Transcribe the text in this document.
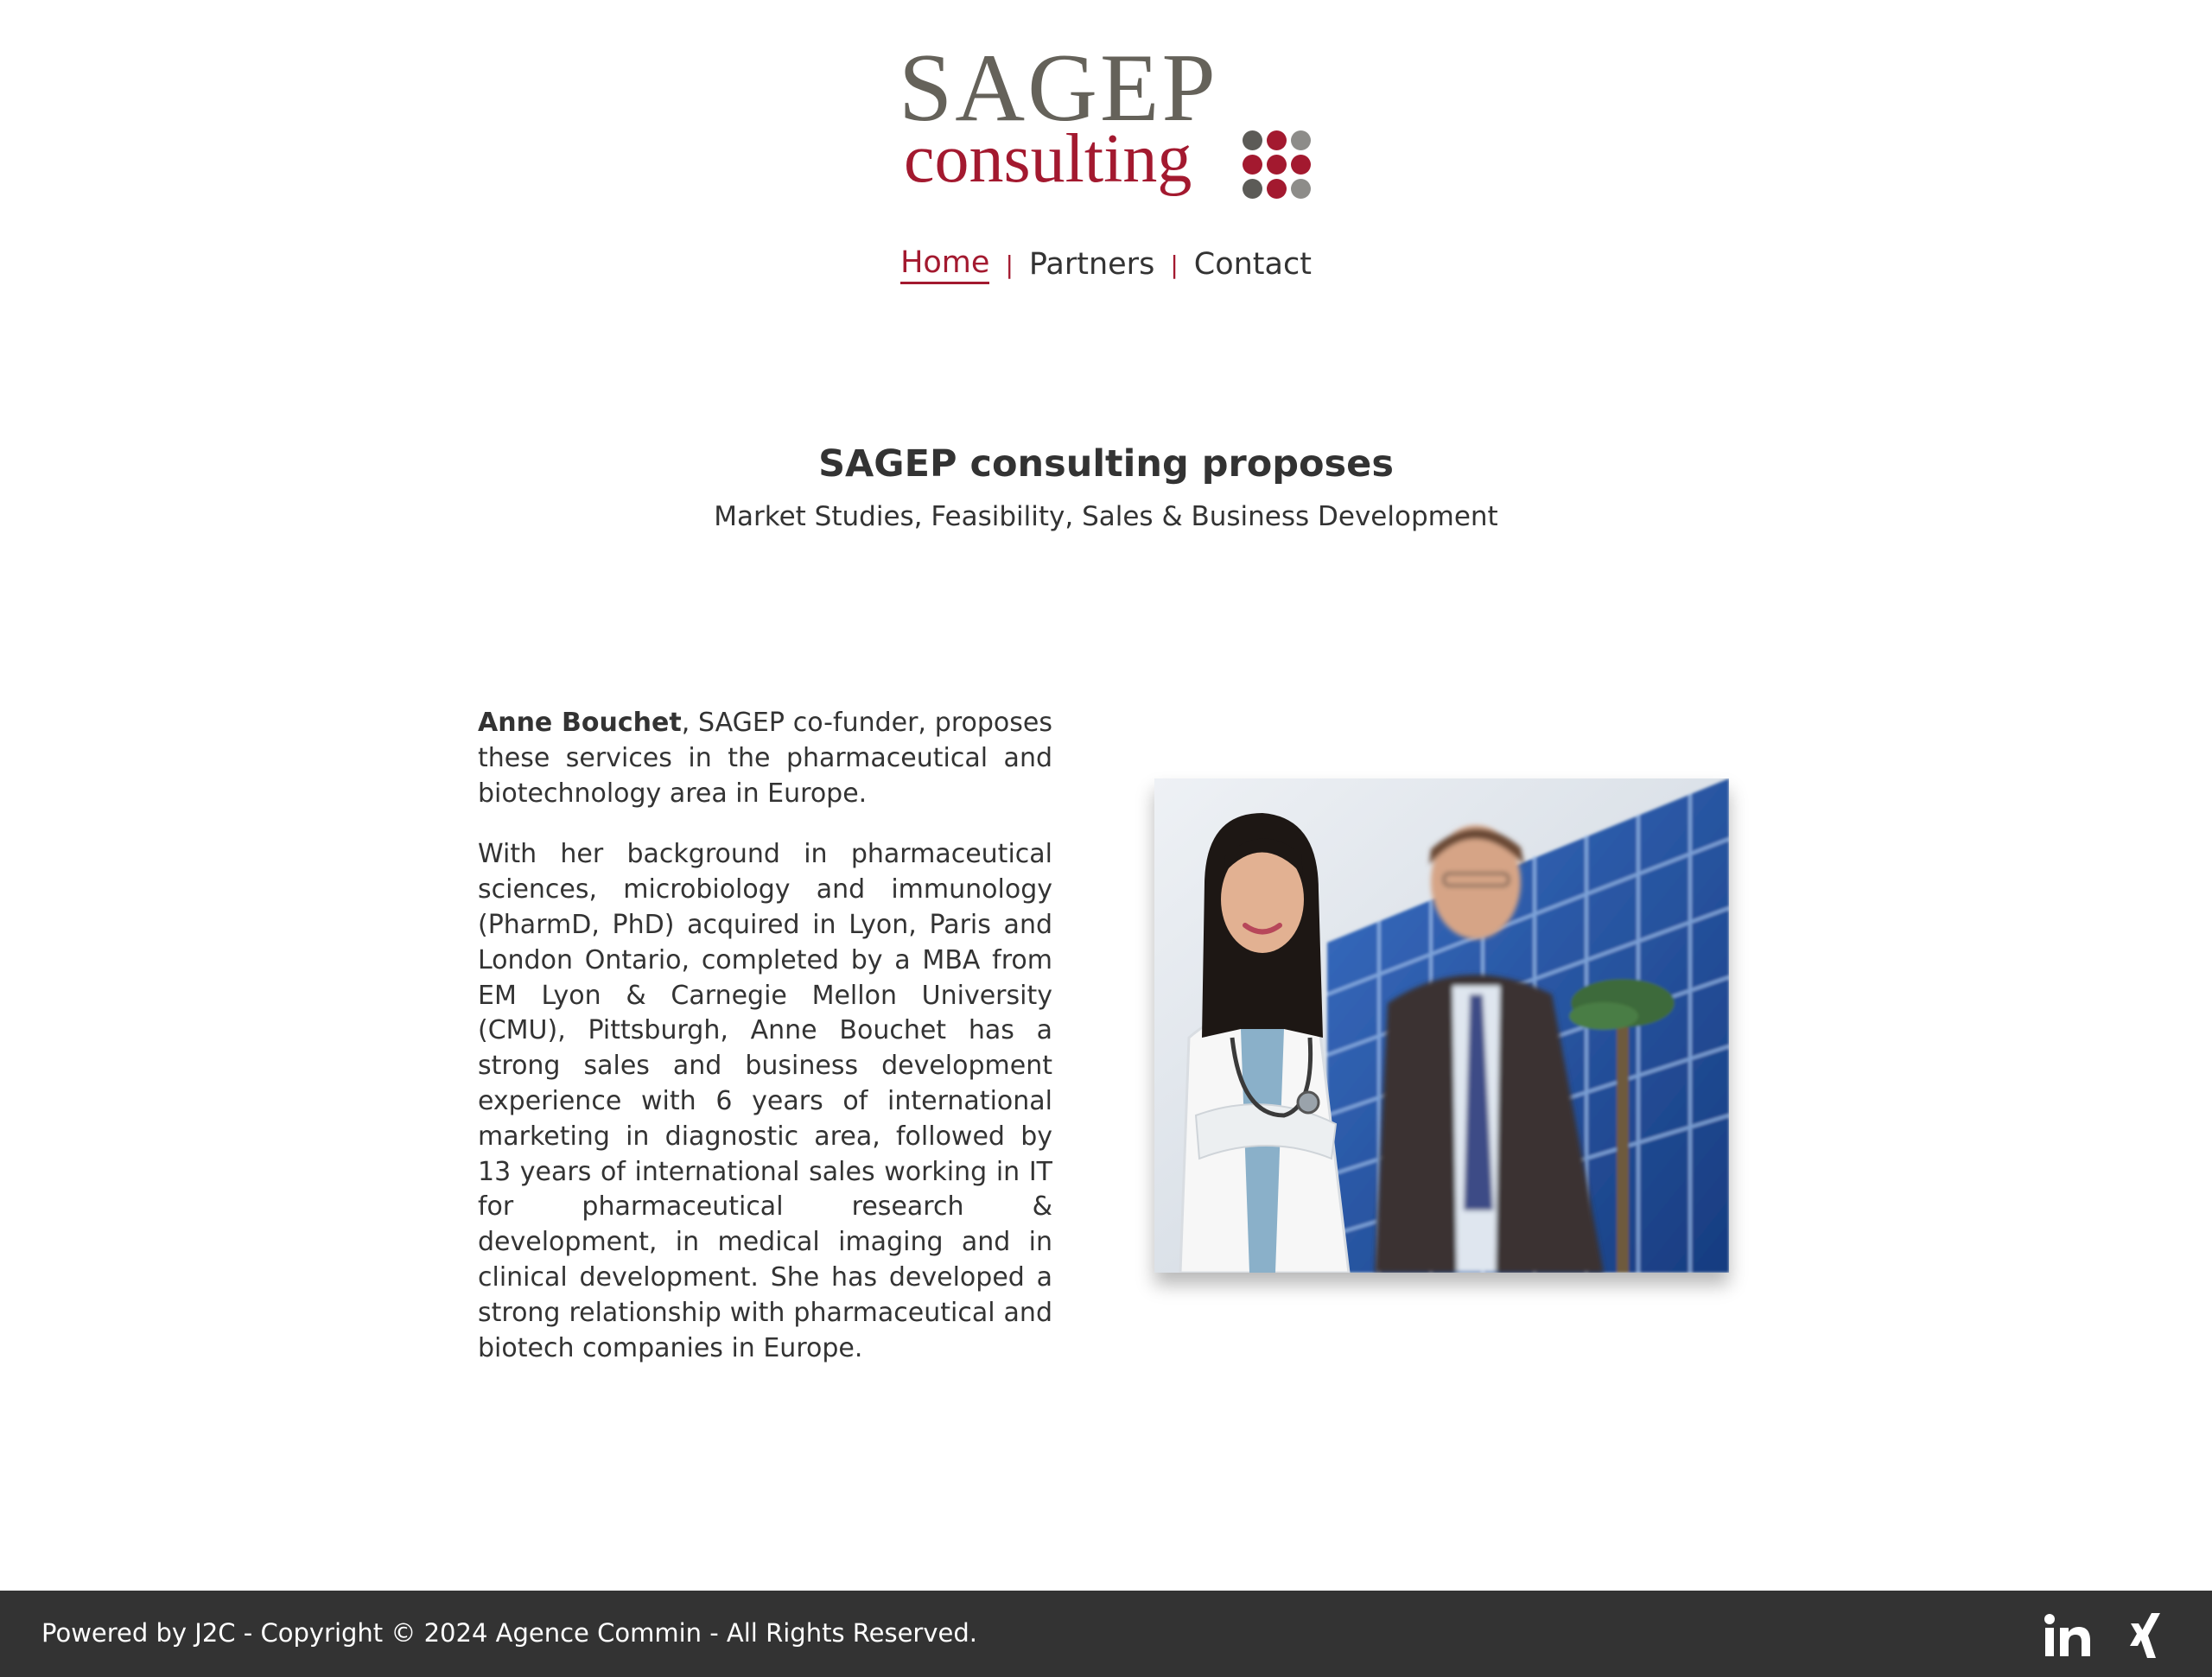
SAGEP
consulting
Home | Partners | Contact
SAGEP consulting proposes
Market Studies, Feasibility, Sales & Business Development

Anne Bouchet, SAGEP co-funder, proposes these services in the pharmaceutical and biotechnology area in Europe.

With her background in pharmaceutical sciences, microbiology and immunology (PharmD, PhD) acquired in Lyon, Paris and London Ontario, completed by a MBA from EM Lyon & Carnegie Mellon University (CMU), Pittsburgh, Anne Bouchet has a strong sales and business development experience with 6 years of international marketing in diagnostic area, followed by 13 years of international sales working in IT for pharmaceutical research & development, in medical imaging and in clinical development. She has developed a strong relationship with pharmaceutical and biotech companies in Europe.

Powered by J2C - Copyright © 2024 Agence Commin - All Rights Reserved.
